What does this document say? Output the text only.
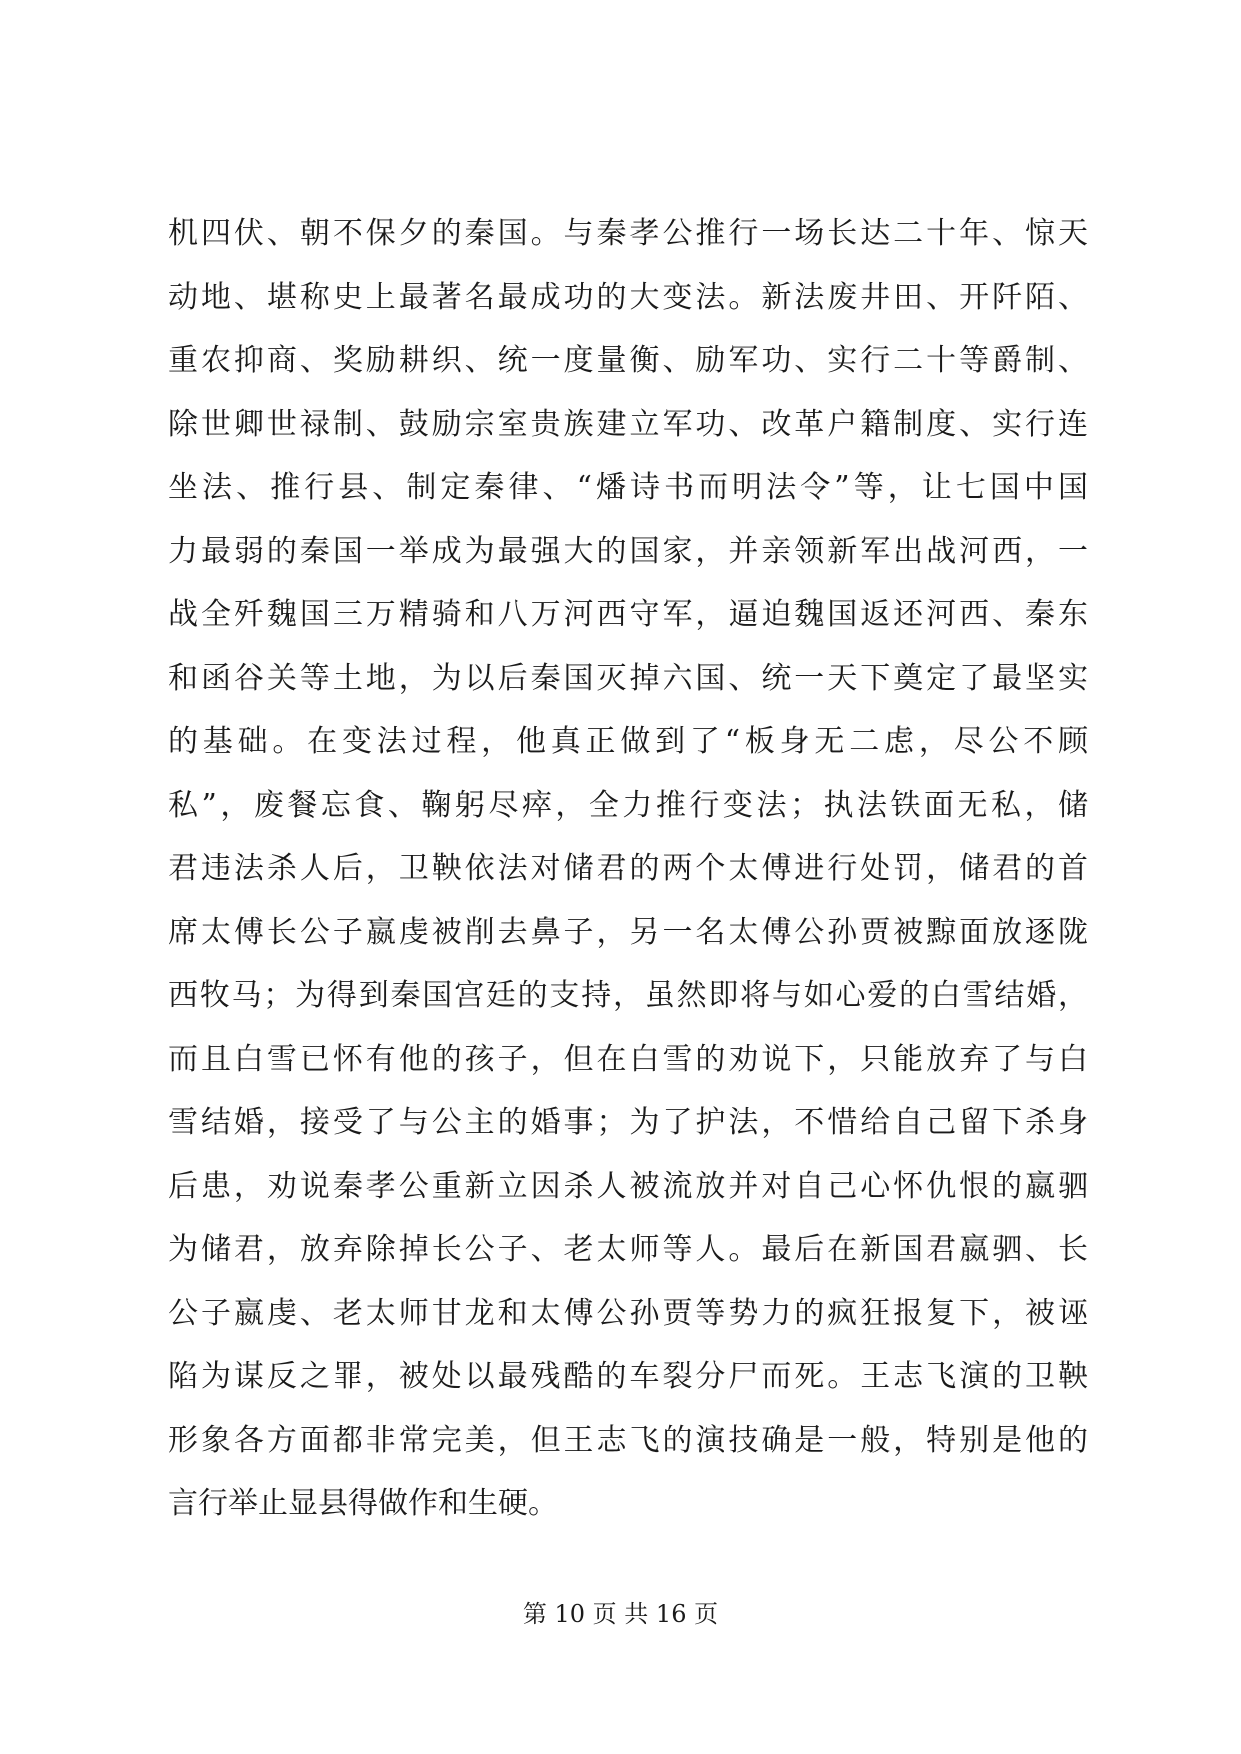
机四伏、朝不保夕的秦国。与秦孝公推行一场长达二十年、惊天
动地、堪称史上最著名最成功的大变法。新法废井田、开阡陌、
重农抑商、奖励耕织、统一度量衡、励军功、实行二十等爵制、
除世卿世禄制、鼓励宗室贵族建立军功、改革户籍制度、实行连
坐法、推行县、制定秦律、“燔诗书而明法令”等，让七国中国
力最弱的秦国一举成为最强大的国家，并亲领新军出战河西，一
战全歼魏国三万精骑和八万河西守军，逼迫魏国返还河西、秦东
和函谷关等土地，为以后秦国灭掉六国、统一天下奠定了最坚实
的基础。在变法过程，他真正做到了“板身无二虑，尽公不顾
私”，废餐忘食、鞠躬尽瘁，全力推行变法；执法铁面无私，储
君违法杀人后，卫鞅依法对储君的两个太傅进行处罚，储君的首
席太傅长公子嬴虔被削去鼻子，另一名太傅公孙贾被黥面放逐陇
西牧马；为得到秦国宫廷的支持，虽然即将与如心爱的白雪结婚，
而且白雪已怀有他的孩子，但在白雪的劝说下，只能放弃了与白
雪结婚，接受了与公主的婚事；为了护法，不惜给自己留下杀身
后患，劝说秦孝公重新立因杀人被流放并对自己心怀仇恨的嬴驷
为储君，放弃除掉长公子、老太师等人。最后在新国君嬴驷、长
公子嬴虔、老太师甘龙和太傅公孙贾等势力的疯狂报复下，被诬
陷为谋反之罪，被处以最残酷的车裂分尸而死。王志飞演的卫鞅
形象各方面都非常完美，但王志飞的演技确是一般，特别是他的
言行举止显县得做作和生硬。
第 10 页 共 16 页
